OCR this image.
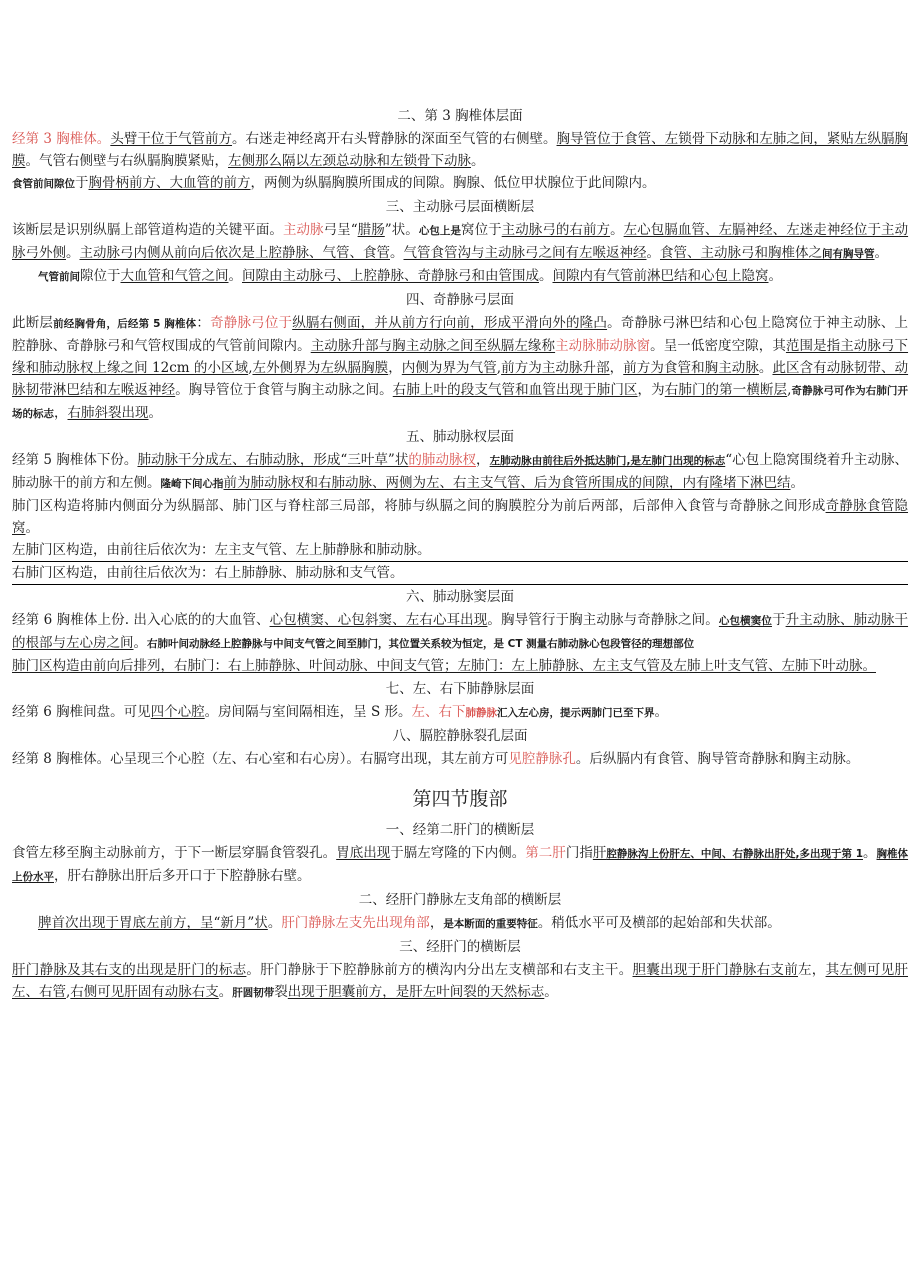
二、第 3 胸椎体层面

经第 3 胸椎体。头臂干位于气管前方。右迷走神经离开右头臂静脉的深面至气管的右侧壁。胸导管位于食管、左锁骨下动脉和左肺之间，紧贴左纵膈胸膜。气管右侧壁与右纵膈胸膜紧贴，左侧那么隔以左颈总动脉和左锁骨下动脉。

食管前间隙位于胸骨柄前方、大血管的前方，两侧为纵膈胸膜所围成的间隙。胸腺、低位甲状腺位于此间隙内。

三、主动脉弓层面横断层

该断层是识别纵膈上部管道构造的关键平面。主动脉弓呈“腊肠”状。心包上是窝位于主动脉弓的右前方。左心包膈血管、左膈神经、左迷走神经位于主动脉弓外侧。主动脉弓内侧从前向后依次是上腔静脉、气管、食管。气管食管沟与主动脉弓之间有左喉返神经。食管、主动脉弓和胸椎体之间有胸导管。

气管前间隙位于大血管和气管之间。间隙由主动脉弓、上腔静脉、奇静脉弓和由管围成。间隙内有气管前淋巴结和心包上隐窝。

四、奇静脉弓层面

此断层前经胸骨角，后经第 5 胸椎体：奇静脉弓位于纵膈右侧面，并从前方行向前，形成平滑向外的隆凸。奇静脉弓淋巴结和心包上隐窝位于神主动脉、上腔静脉、奇静脉弓和气管杈围成的气管前间隙内。主动脉升部与胸主动脉之间至纵膈左缘称主动脉肺动脉窗。呈一低密度空隙，其范围是指主动脉弓下缘和肺动脉杈上缘之间 12cm 的小区域,左外侧界为左纵膈胸膜，内侧为界为气管,前方为主动脉升部，前方为食管和胸主动脉。此区含有动脉韧带、动脉韧带淋巴结和左喉返神经。胸导管位于食管与胸主动脉之间。右肺上叶的段支气管和血管出现于肺门区，为右肺门的第一横断层,奇静脉弓可作为右肺门开场的标志，右肺斜裂出现。

五、肺动脉杈层面

经第 5 胸椎体下份。肺动脉干分成左、右肺动脉，形成“三叶草”状的肺动脉杈，左肺动脉由前往后外抵达肺门,是左肺门出现的标志“心包上隐窝围绕着升主动脉、肺动脉干的前方和左侧。隆崎下间心指前为肺动脉杈和右肺动脉、两侧为左、右主支气管、后为食管所围成的间隙，内有隆堵下淋巴结。

肺门区构造将肺内侧面分为纵膈部、肺门区与脊柱部三局部，将肺与纵膈之间的胸膜腔分为前后两部，后部伸入食管与奇静脉之间形成奇静脉食管隐窝。

左肺门区构造，由前往后依次为：左主支气管、左上肺静脉和肺动脉。

右肺门区构造，由前往后依次为：右上肺静脉、肺动脉和支气管。

六、肺动脉窦层面

经第 6 胸椎体上份. 出入心底的的大血管、心包横窦、心包斜窦、左右心耳出现。胸导管行于胸主动脉与奇静脉之间。心包横窦位于升主动脉、肺动脉干的根部与左心房之间。右肺叶间动脉经上腔静脉与中间支气管之间至肺门，其位置关系较为恒定，是 CT 测量右肺动脉心包段管径的理想部位

肺门区构造由前向后排列，右肺门：右上肺静脉、叶间动脉、中间支气管；左肺门：左上肺静脉、左主支气管及左肺上叶支气管、左肺下叶动脉。

七、左、右下肺静脉层面

经第 6 胸椎间盘。可见四个心腔。房间隔与室间隔相连，呈 S 形。左、右下肺静脉汇入左心房，提示两肺门已至下界。

八、膈腔静脉裂孔层面

经第 8 胸椎体。心呈现三个心腔（左、右心室和右心房）。右膈穹出现，其左前方可见腔静脉孔。后纵膈内有食管、胸导管奇静脉和胸主动脉。

第四节腹部
一、经第二肝门的横断层

食管左移至胸主动脉前方，于下一断层穿膈食管裂孔。胃底出现于膈左穹隆的下内侧。第二肝门指肝腔静脉沟上份肝左、中间、右静脉出肝处,多出现于第 1。胸椎体上份水平，肝右静脉出肝后多开口于下腔静脉右壁。

二、经肝门静脉左支角部的横断层

脾首次出现于胃底左前方，呈“新月”状。肝门静脉左支先出现角部，是本断面的重要特征。稍低水平可及横部的起始部和失状部。

三、经肝门的横断层

肝门静脉及其右支的出现是肝门的标志。肝门静脉于下腔静脉前方的横沟内分出左支横部和右支主干。胆囊出现于肝门静脉右支前左，其左侧可见肝左、右管,右侧可见肝固有动脉右支。肝圆韧带裂出现于胆囊前方，是肝左叶间裂的天然标志。
